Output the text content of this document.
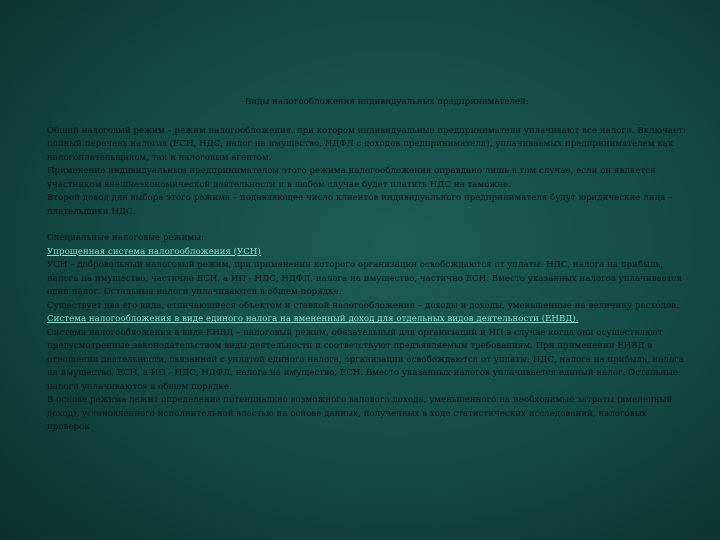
Виды налогообложения индивидуальных предпринимателей:

Общий налоговый режим – режим налогообложения, при котором индивидуальные предприниматели уплачивают все налоги. Включает: полный перечень налогов (ЕСН, НДС, налог на имущество, НДФЛ с доходов предпринимателя), уплачиваемых предпринимателем как налогоплательщиком, так и налоговым агентом.

Применение индивидуальным предпринимателем этого режима налогообложения оправдано лишь в том случае, если он является участником внешнеэкономической деятельности и в любом случае будет платить НДС на таможне.

Второй довод для выбора этого режима – подавляющее число клиентов индивидуального предпринимателя будут юридические лица – плательщики НДС.

Специальные налоговые режимы:

Упрощенная система налогообложения (УСН)

УСН – добровольный налоговый режим, при применении которого организации освобождаются от уплаты: НДС, налога на прибыль, налога на имущество, частично ЕСН, а ИП - НДС, НДФЛ, налога на имущество, частично ЕСН. Вместо указанных налогов уплачивается один налог. Остальные налоги уплачиваются в общем порядке.

Существует два его вида, отличающиеся объектом и ставкой налогообложения – доходы и доходы, уменьшенные на величину расходов.

Система налогообложения в виде единого налога на вмененный доход для отдельных видов деятельности (ЕНВД).

Система налогообложения в виде ЕНВД – налоговый режим, обязательный для организаций и ИП в случае когда они осуществляют предусмотренные законодательством виды деятельности и соответствуют предъявляемым требованиям. При применении ЕНВД в отношении деятельности, связанной с уплатой единого налога, организации освобождаются от уплаты: НДС, налога на прибыль, налога на имущество, ЕСН, а ИП - НДС, НДФЛ, налога на имущество, ЕСН. Вместо указанных налогов уплачивается единый налог. Остальные налоги уплачиваются в общем порядке.

В основе режима лежит определение потенциально возможного валового дохода, уменьшенного на необходимые затраты (вмененный доход), установленного исполнительной властью на основе данных, полученных в ходе статистических исследований, налоговых проверок
